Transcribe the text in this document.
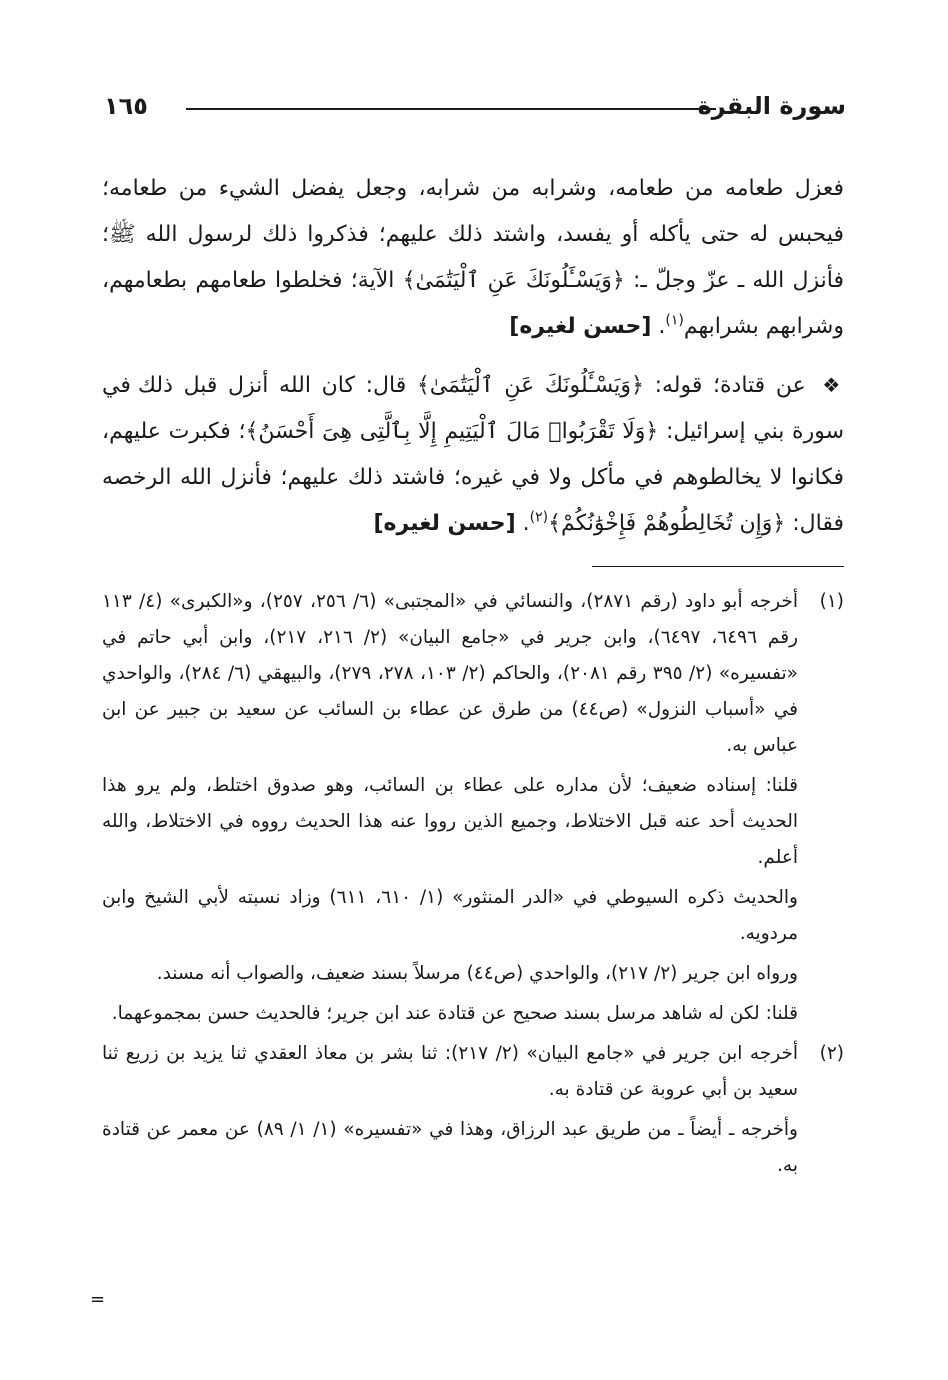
سورة البقرة
١٦٥

فعزل طعامه من طعامه، وشرابه من شرابه، وجعل يفضل الشيء من طعامه؛ فيحبس له حتى يأكله أو يفسد، واشتد ذلك عليهم؛ فذكروا ذلك لرسول الله ﷺ؛ فأنزل الله ـ عزّ وجلّ ـ: ﴿وَيَسْـَٔلُونَكَ عَنِ ٱلْيَتَٰمَىٰ﴾ الآية؛ فخلطوا طعامهم بطعامهم، وشرابهم بشرابهم$^{(١)}$. [حسن لغيره]

❖ عن قتادة؛ قوله: ﴿وَيَسْـَٔلُونَكَ عَنِ ٱلْيَتَٰمَىٰ﴾ قال: كان الله أنزل قبل ذلك في سورة بني إسرائيل: ﴿وَلَا تَقْرَبُوا۟ مَالَ ٱلْيَتِيمِ إِلَّا بِٱلَّتِى هِىَ أَحْسَنُ﴾؛ فكبرت عليهم، فكانوا لا يخالطوهم في مأكل ولا في غيره؛ فاشتد ذلك عليهم؛ فأنزل الله الرخصه فقال: ﴿وَإِن تُخَالِطُوهُمْ فَإِخْوَٰنُكُمْ﴾$^{(٢)}$. [حسن لغيره]

(١)

أخرجه أبو داود (رقم ٢٨٧١)، والنسائي في «المجتبى» (٦/ ٢٥٦، ٢٥٧)، و«الكبرى» (٤/ ١١٣ رقم ٦٤٩٦، ٦٤٩٧)، وابن جرير في «جامع البيان» (٢/ ٢١٦، ٢١٧)، وابن أبي حاتم في «تفسيره» (٢/ ٣٩٥ رقم ٢٠٨١)، والحاكم (٢/ ١٠٣، ٢٧٨، ٢٧٩)، والبيهقي (٦/ ٢٨٤)، والواحدي في «أسباب النزول» (ص٤٤) من طرق عن عطاء بن السائب عن سعيد بن جبير عن ابن عباس به.

قلنا: إسناده ضعيف؛ لأن مداره على عطاء بن السائب، وهو صدوق اختلط، ولم يرو هذا الحديث أحد عنه قبل الاختلاط، وجميع الذين رووا عنه هذا الحديث رووه في الاختلاط، والله أعلم.

والحديث ذكره السيوطي في «الدر المنثور» (١/ ٦١٠، ٦١١) وزاد نسبته لأبي الشيخ وابن مردويه.

ورواه ابن جرير (٢/ ٢١٧)، والواحدي (ص٤٤) مرسلاً بسند ضعيف، والصواب أنه مسند.

قلنا: لكن له شاهد مرسل بسند صحيح عن قتادة عند ابن جرير؛ فالحديث حسن بمجموعهما.

(٢)

أخرجه ابن جرير في «جامع البيان» (٢/ ٢١٧): ثنا بشر بن معاذ العقدي ثنا يزيد بن زريع ثنا سعيد بن أبي عروبة عن قتادة به.

وأخرجه ـ أيضاً ـ من طريق عبد الرزاق، وهذا في «تفسيره» (١/ ١/ ٨٩) عن معمر عن قتادة به.

=
